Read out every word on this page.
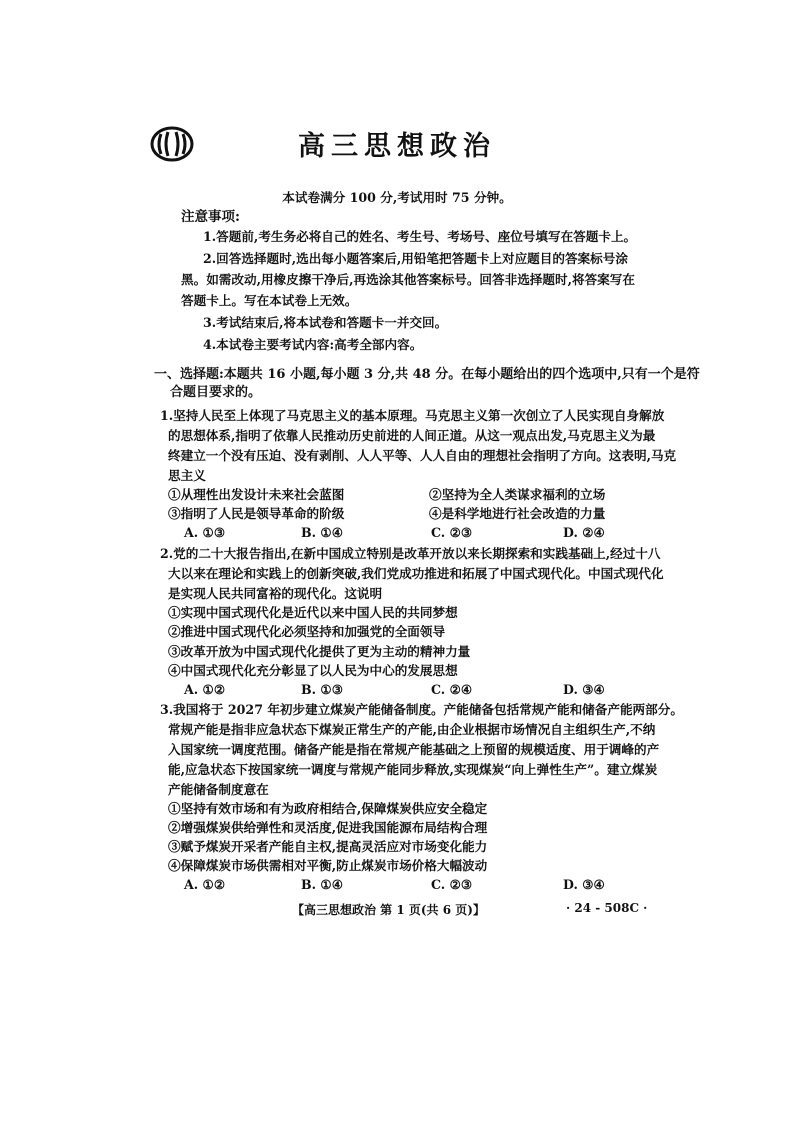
高三思想政治
本试卷满分 100 分,考试用时 75 分钟。
注意事项:
1.答题前,考生务必将自己的姓名、考生号、考场号、座位号填写在答题卡上。
2.回答选择题时,选出每小题答案后,用铅笔把答题卡上对应题目的答案标号涂
黑。如需改动,用橡皮擦干净后,再选涂其他答案标号。回答非选择题时,将答案写在
答题卡上。写在本试卷上无效。
3.考试结束后,将本试卷和答题卡一并交回。
4.本试卷主要考试内容:高考全部内容。
一、选择题:本题共 16 小题,每小题 3 分,共 48 分。在每小题给出的四个选项中,只有一个是符
合题目要求的。
1.坚持人民至上体现了马克思主义的基本原理。马克思主义第一次创立了人民实现自身解放
的思想体系,指明了依靠人民推动历史前进的人间正道。从这一观点出发,马克思主义为最
终建立一个没有压迫、没有剥削、人人平等、人人自由的理想社会指明了方向。这表明,马克
思主义
①从理性出发设计未来社会蓝图	②坚持为全人类谋求福利的立场
③指明了人民是领导革命的阶级	④是科学地进行社会改造的力量
A. ①③	B. ①④	C. ②③	D. ②④
2.党的二十大报告指出,在新中国成立特别是改革开放以来长期探索和实践基础上,经过十八
大以来在理论和实践上的创新突破,我们党成功推进和拓展了中国式现代化。中国式现代化
是实现人民共同富裕的现代化。这说明
①实现中国式现代化是近代以来中国人民的共同梦想
②推进中国式现代化必须坚持和加强党的全面领导
③改革开放为中国式现代化提供了更为主动的精神力量
④中国式现代化充分彰显了以人民为中心的发展思想
A. ①②	B. ①③	C. ②④	D. ③④
3.我国将于 2027 年初步建立煤炭产能储备制度。产能储备包括常规产能和储备产能两部分。
常规产能是指非应急状态下煤炭正常生产的产能,由企业根据市场情况自主组织生产,不纳
入国家统一调度范围。储备产能是指在常规产能基础之上预留的规模适度、用于调峰的产
能,应急状态下按国家统一调度与常规产能同步释放,实现煤炭“向上弹性生产”。建立煤炭
产能储备制度意在
①坚持有效市场和有为政府相结合,保障煤炭供应安全稳定
②增强煤炭供给弹性和灵活度,促进我国能源布局结构合理
③赋予煤炭开采者产能自主权,提高灵活应对市场变化能力
④保障煤炭市场供需相对平衡,防止煤炭市场价格大幅波动
A. ①②	B. ①④	C. ②③	D. ③④
【高三思想政治 第 1 页(共 6 页)】	· 24 - 508C ·
